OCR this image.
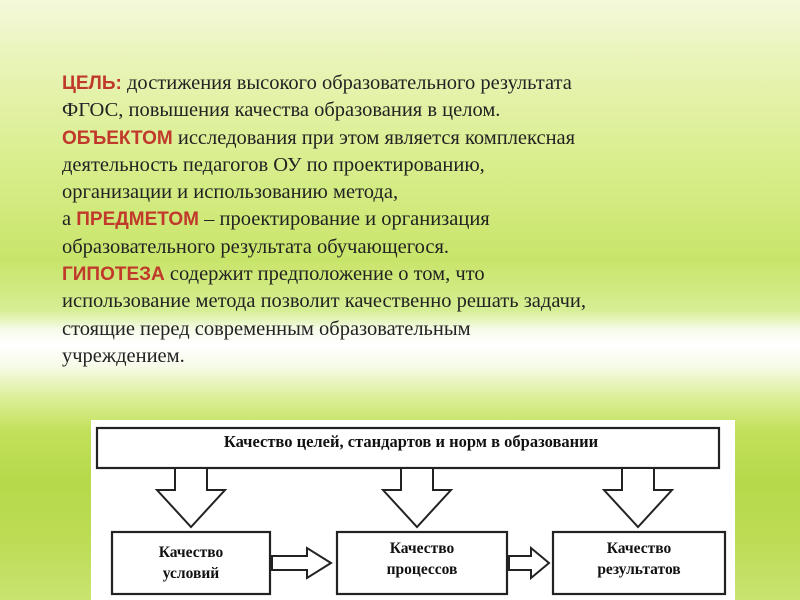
ЦЕЛЬ: достижения высокого образовательного результата

ФГОС, повышения качества образования в целом.

ОБЪЕКТОМ исследования при этом является комплексная

деятельность педагогов ОУ по проектированию,

организации и использованию метода,

а ПРЕДМЕТОМ – проектирование и организация

образовательного результата обучающегося.

ГИПОТЕЗА содержит предположение о том, что

использование метода позволит качественно решать задачи,

стоящие перед современным образовательным

учреждением.

Качество целей, стандартов и норм в образовании
Качество
условий
Качество
процессов
Качество
результатов
